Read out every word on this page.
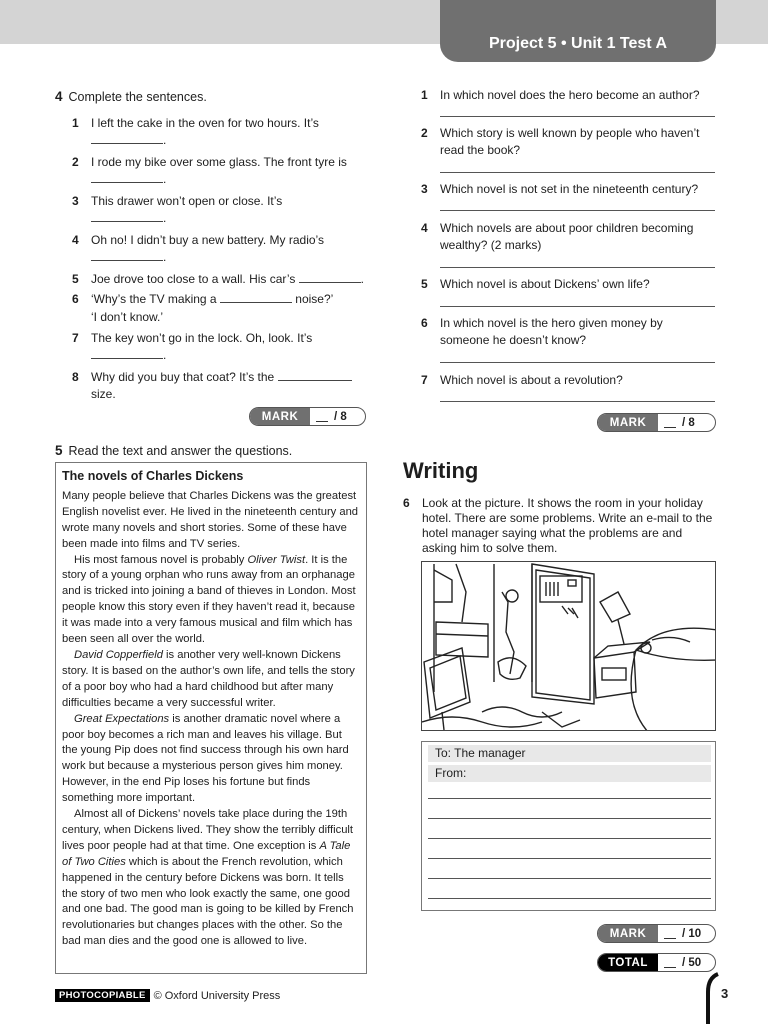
Project 5 • Unit 1 Test A
4 Complete the sentences.
1	I left the cake in the oven for two hours. It’s
.
2	I rode my bike over some glass. The front tyre is
.
3	This drawer won’t open or close. It’s
.
4	Oh no! I didn’t buy a new battery. My radio’s
.
5	Joe drove too close to a wall. His car’s	.
6	‘Why’s the TV making a	noise?’
‘I don’t know.’
7	The key won’t go in the lock. Oh, look. It’s
.
8	Why did you buy that coat? It’s the
size.
MARK	/ 8
5 Read the text and answer the questions.
The novels of Charles Dickens
Many people believe that Charles Dickens was the greatest English novelist ever. He lived in the nineteenth century and wrote many novels and short stories. Some of these have been made into films and TV series.
His most famous novel is probably Oliver Twist. It is the story of a young orphan who runs away from an orphanage and is tricked into joining a band of thieves in London. Most people know this story even if they haven’t read it, because it was made into a very famous musical and film which has been seen all over the world.
David Copperfield is another very well-known Dickens story. It is based on the author’s own life, and tells the story of a poor boy who had a hard childhood but after many difficulties became a very successful writer.
Great Expectations is another dramatic novel where a poor boy becomes a rich man and leaves his village. But the young Pip does not find success through his own hard work but because a mysterious person gives him money. However, in the end Pip loses his fortune but finds something more important.
Almost all of Dickens’ novels take place during the 19th century, when Dickens lived. They show the terribly difficult lives poor people had at that time. One exception is A Tale of Two Cities which is about the French revolution, which happened in the century before Dickens was born. It tells the story of two men who look exactly the same, one good and one bad. The good man is going to be killed by French revolutionaries but changes places with the other. So the bad man dies and the good one is allowed to live.
1	In which novel does the hero become an author?
2	Which story is well known by people who haven’t read the book?
3	Which novel is not set in the nineteenth century?
4	Which novels are about poor children becoming wealthy? (2 marks)
5	Which novel is about Dickens’ own life?
6	In which novel is the hero given money by someone he doesn’t know?
7	Which novel is about a revolution?
MARK	/ 8
Writing
6	Look at the picture. It shows the room in your holiday hotel. There are some problems. Write an e-mail to the hotel manager saying what the problems are and asking him to solve them.
To: The manager
From:
MARK	/ 10
TOTAL	/ 50
PHOTOCOPIABLE © Oxford University Press	3
